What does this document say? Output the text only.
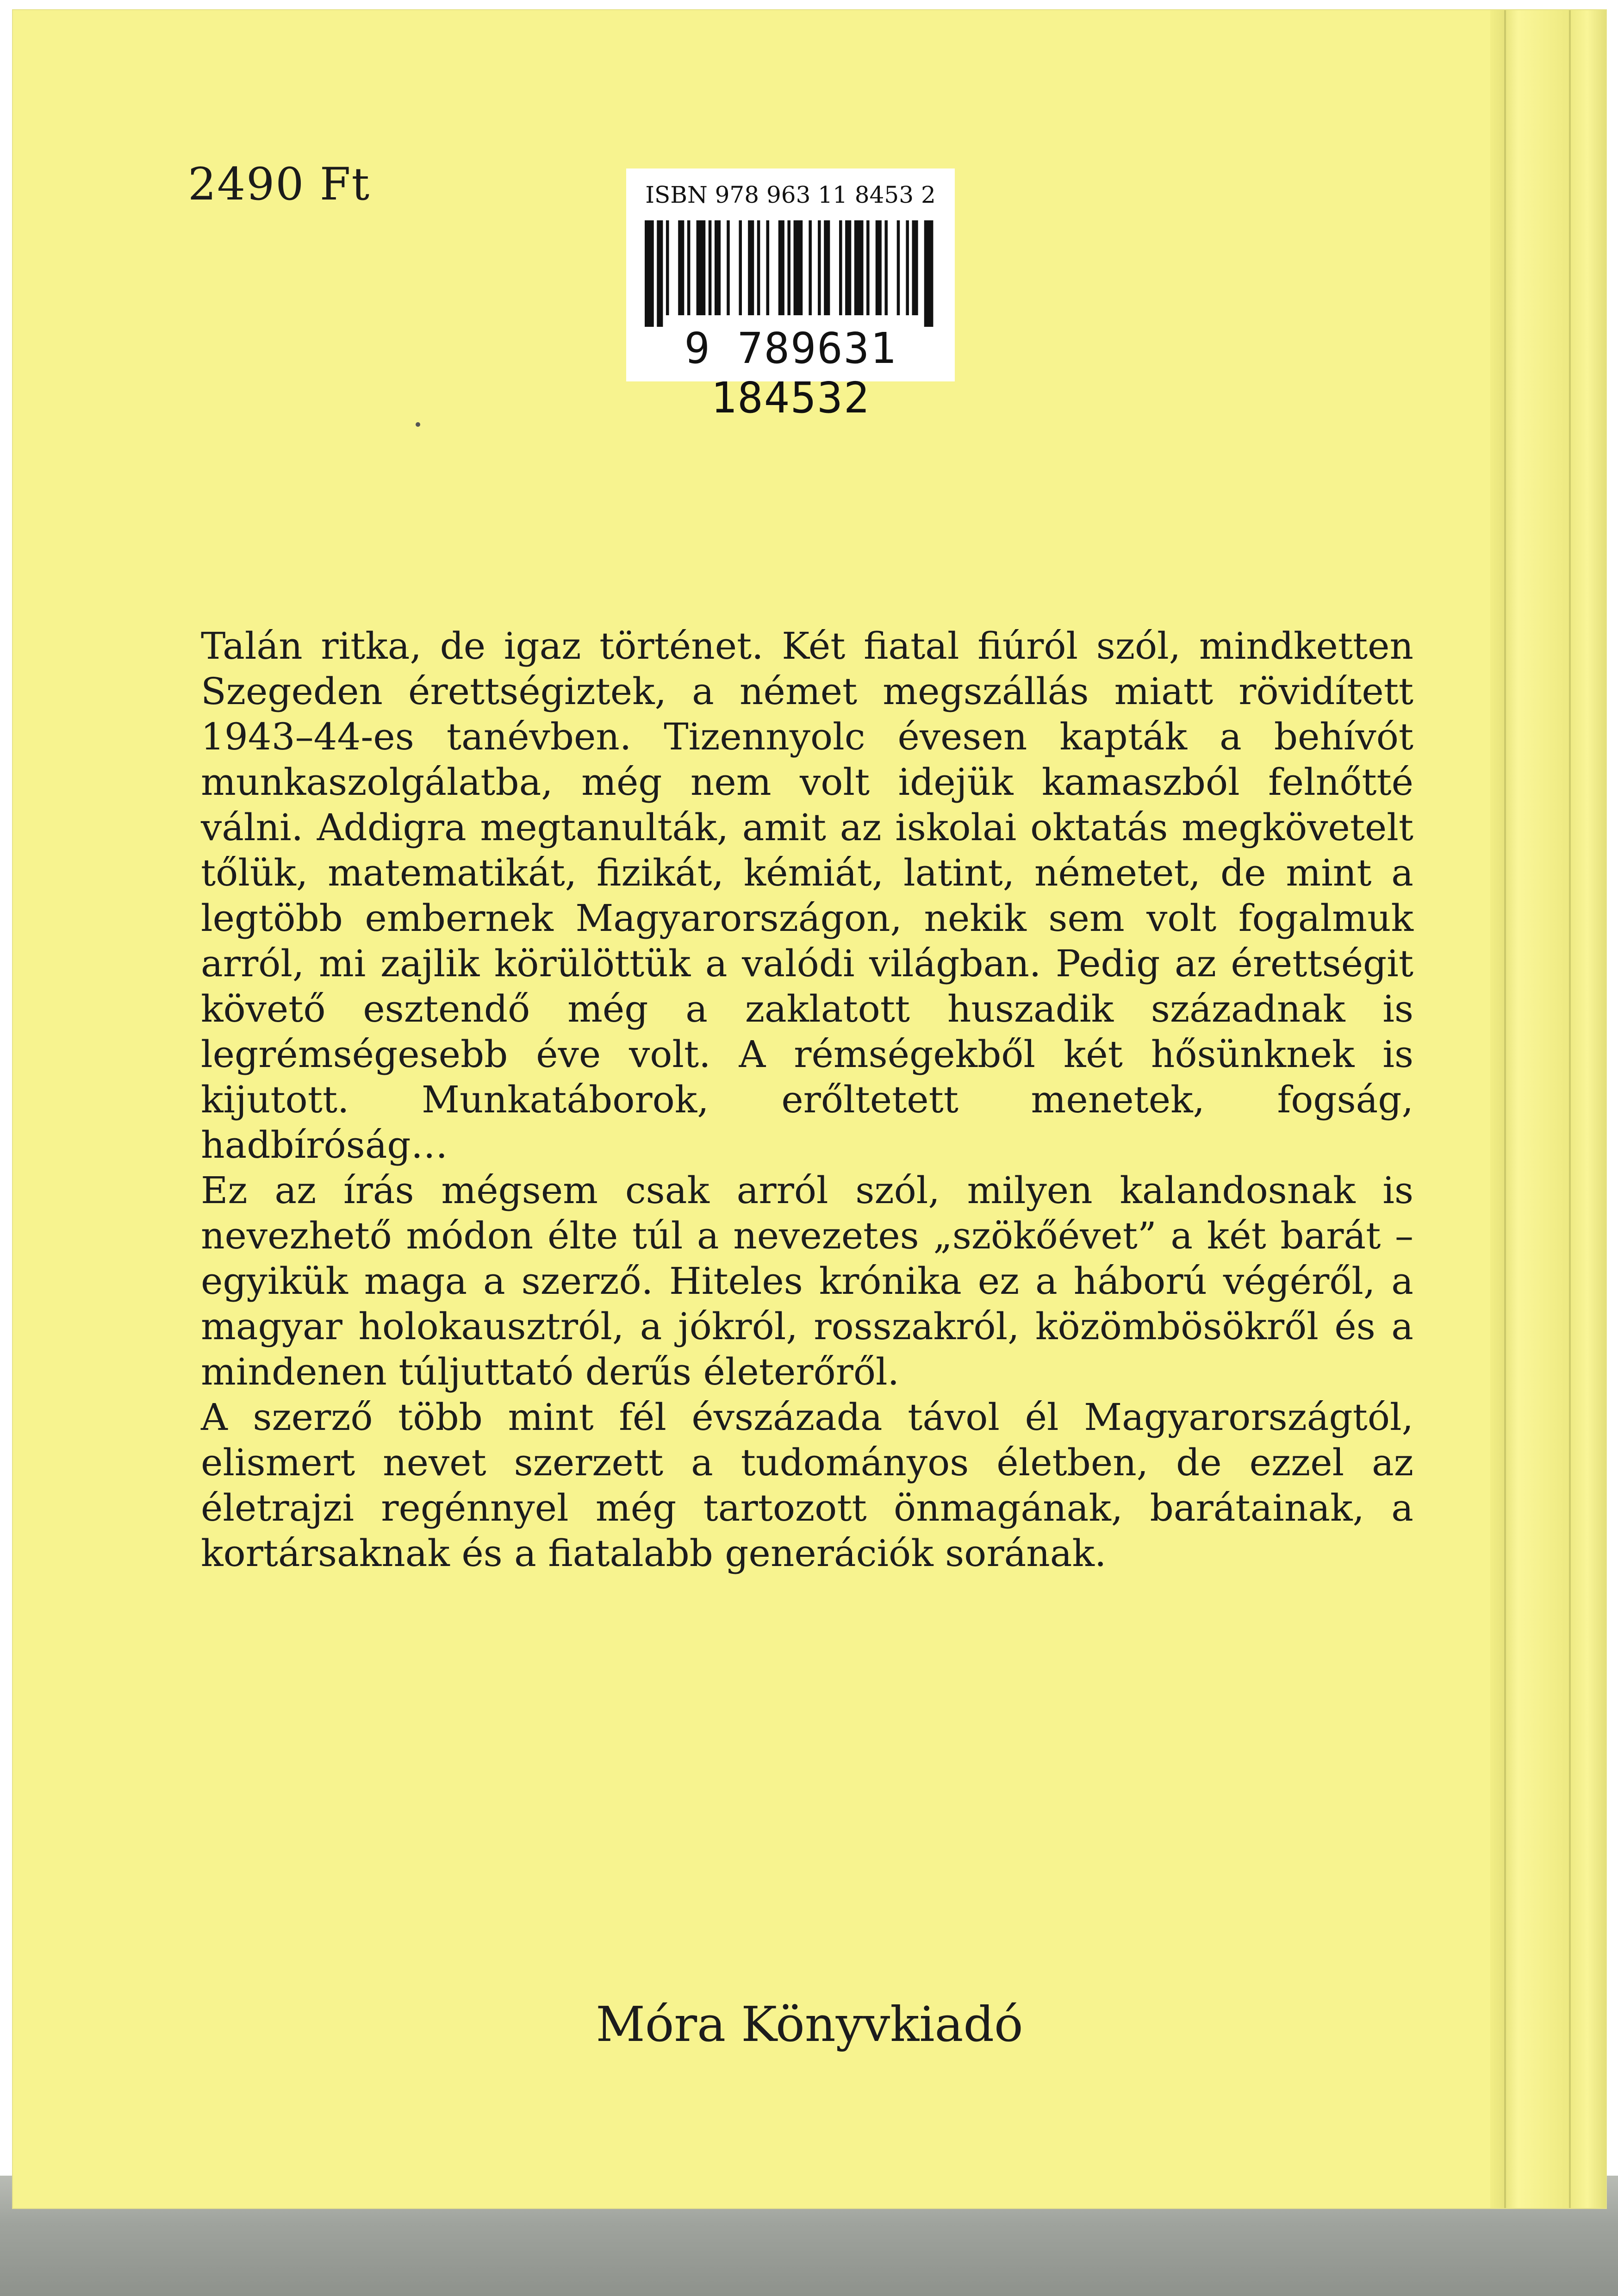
2490 Ft	ISBN 978 963 11 8453 2

9 789631 184532

Talán ritka, de igaz történet. Két fiatal fiúról szól, mindketten Szegeden érettségiztek, a német megszállás miatt rövidített 1943–44-es tanévben. Tizennyolc évesen kapták a behívót munkaszolgálatba, még nem volt idejük kamaszból felnőtté válni. Addigra megtanulták, amit az iskolai oktatás megkövetelt tőlük, matematikát, fizikát, kémiát, latint, németet, de mint a legtöbb embernek Magyarországon, nekik sem volt fogalmuk arról, mi zajlik körülöttük a valódi világban. Pedig az érettségit követő esztendő még a zaklatott huszadik századnak is legrémségesebb éve volt. A rémségekből két hősünknek is kijutott. Munkatáborok, erőltetett menetek, fogság, hadbíróság…

Ez az írás mégsem csak arról szól, milyen kalandosnak is nevezhető módon élte túl a nevezetes „szökőévet” a két barát – egyikük maga a szerző. Hiteles krónika ez a háború végéről, a magyar holokausztról, a jókról, rosszakról, közömbösökről és a mindenen túljuttató derűs életerőről.

A szerző több mint fél évszázada távol él Magyarországtól, elismert nevet szerzett a tudományos életben, de ezzel az életrajzi regénnyel még tartozott önmagának, barátainak, a kortársaknak és a fiatalabb generációk sorának.

Móra Könyvkiadó
